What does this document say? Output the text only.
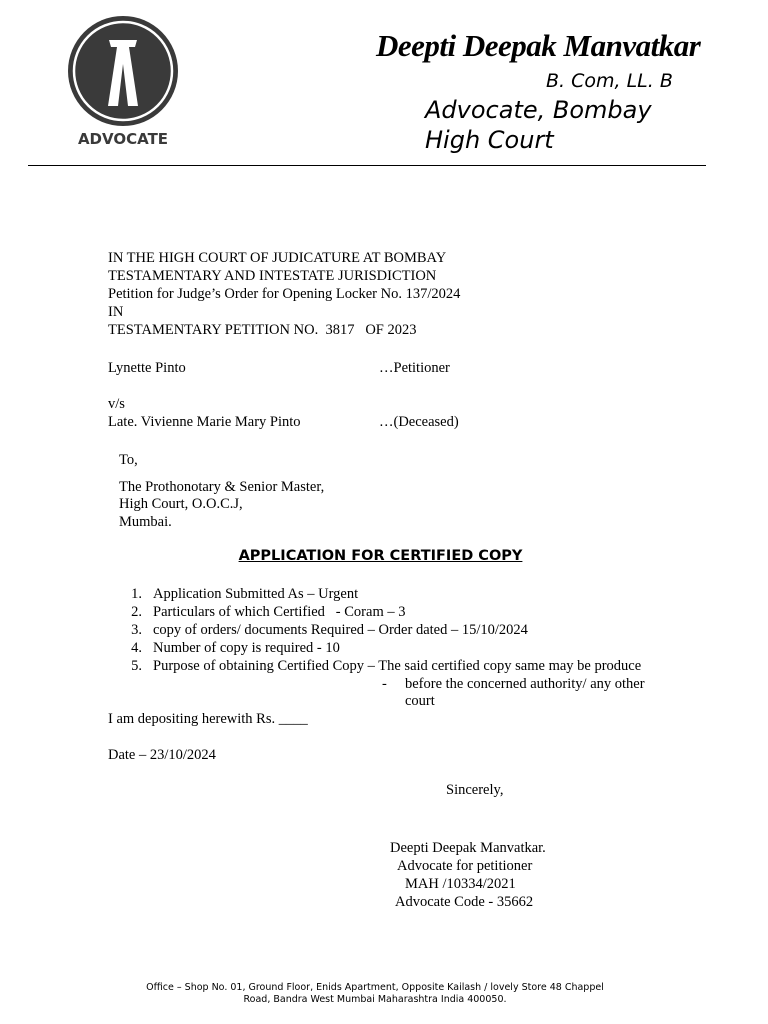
ADVOCATE
Deepti Deepak Manvatkar
B. Com, LL. B
Advocate, Bombay
High Court
IN THE HIGH COURT OF JUDICATURE AT BOMBAY
TESTAMENTARY AND INTESTATE JURISDICTION
Petition for Judge’s Order for Opening Locker No. 137/2024
IN
TESTAMENTARY PETITION NO.  3817   OF 2023
Lynette Pinto	…Petitioner
v/s
Late. Vivienne Marie Mary Pinto	…(Deceased)
To,
The Prothonotary & Senior Master,
High Court, O.O.C.J,
Mumbai.
APPLICATION FOR CERTIFIED COPY
1. Application Submitted As – Urgent
2. Particulars of which Certified   - Coram – 3
3. copy of orders/ documents Required – Order dated – 15/10/2024
4. Number of copy is required - 10
5. Purpose of obtaining Certified Copy – The said certified copy same may be produce
- before the concerned authority/ any other
court
I am depositing herewith Rs. ____
Date – 23/10/2024
Sincerely,
Deepti Deepak Manvatkar.
Advocate for petitioner
MAH /10334/2021
Advocate Code - 35662
Office – Shop No. 01, Ground Floor, Enids Apartment, Opposite Kailash / lovely Store 48 Chappel
Road, Bandra West Mumbai Maharashtra India 400050.
